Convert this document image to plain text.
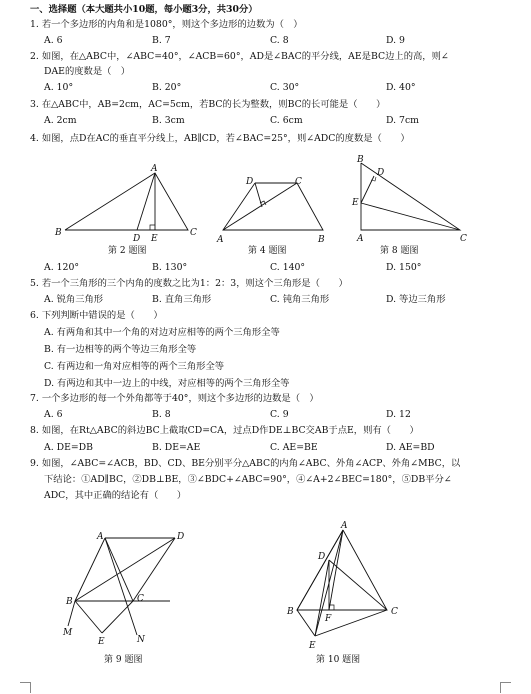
一、选择题（本大题共小10题，每小题3分，共30分）
1. 若一个多边形的内角和是1080°，则这个多边形的边数为（　）
A. 6	B. 7	C. 8	D. 9
2. 如图，在△ABC中，∠ABC=40°，∠ACB=60°，AD是∠BAC的平分线，AE是BC边上的高，则∠
DAE的度数是（　）
A. 10°	B. 20°	C. 30°	D. 40°
3. 在△ABC中，AB=2cm，AC=5cm，若BC的长为整数，则BC的长可能是（　　）
A. 2cm	B. 3cm	C. 6cm	D. 7cm
4. 如图，点D在AC的垂直平分线上，AB∥CD，若∠BAC=25°，则∠ADC的度数是（　　）
A
B	C
D E
第 2 题图
D	C
A	B
第 4 题图
B
D
E
A	C
第 8 题图
A. 120°	B. 130°	C. 140°	D. 150°
5. 若一个三角形的三个内角的度数之比为1：2：3，则这个三角形是（　　）
A. 锐角三角形	B. 直角三角形	C. 钝角三角形	D. 等边三角形
6. 下列判断中错误的是（　　）
A. 有两角和其中一个角的对边对应相等的两个三角形全等
B. 有一边相等的两个等边三角形全等
C. 有两边和一角对应相等的两个三角形全等
D. 有两边和其中一边上的中线，对应相等的两个三角形全等
7. 一个多边形的每一个外角都等于40°，则这个多边形的边数是（　）
A. 6	B. 8	C. 9	D. 12
8. 如图，在Rt△ABC的斜边BC上截取CD=CA，过点D作DE⊥BC交AB于点E，则有（　　）
A. DE=DB	B. DE=AE	C. AE=BE	D. AE=BD
9. 如图，∠ABC=∠ACB，BD、CD、BE分别平分△ABC的内角∠ABC、外角∠ACP、外角∠MBC，以
下结论：①AD∥BC，②DB⊥BE，③∠BDC+∠ABC=90°，④∠A+2∠BEC=180°，⑤DB平分∠
ADC，其中正确的结论有（　　）
A	D
B	C
M
E	N
第 9 题图
A
D
B	C
F
E
第 10 题图
